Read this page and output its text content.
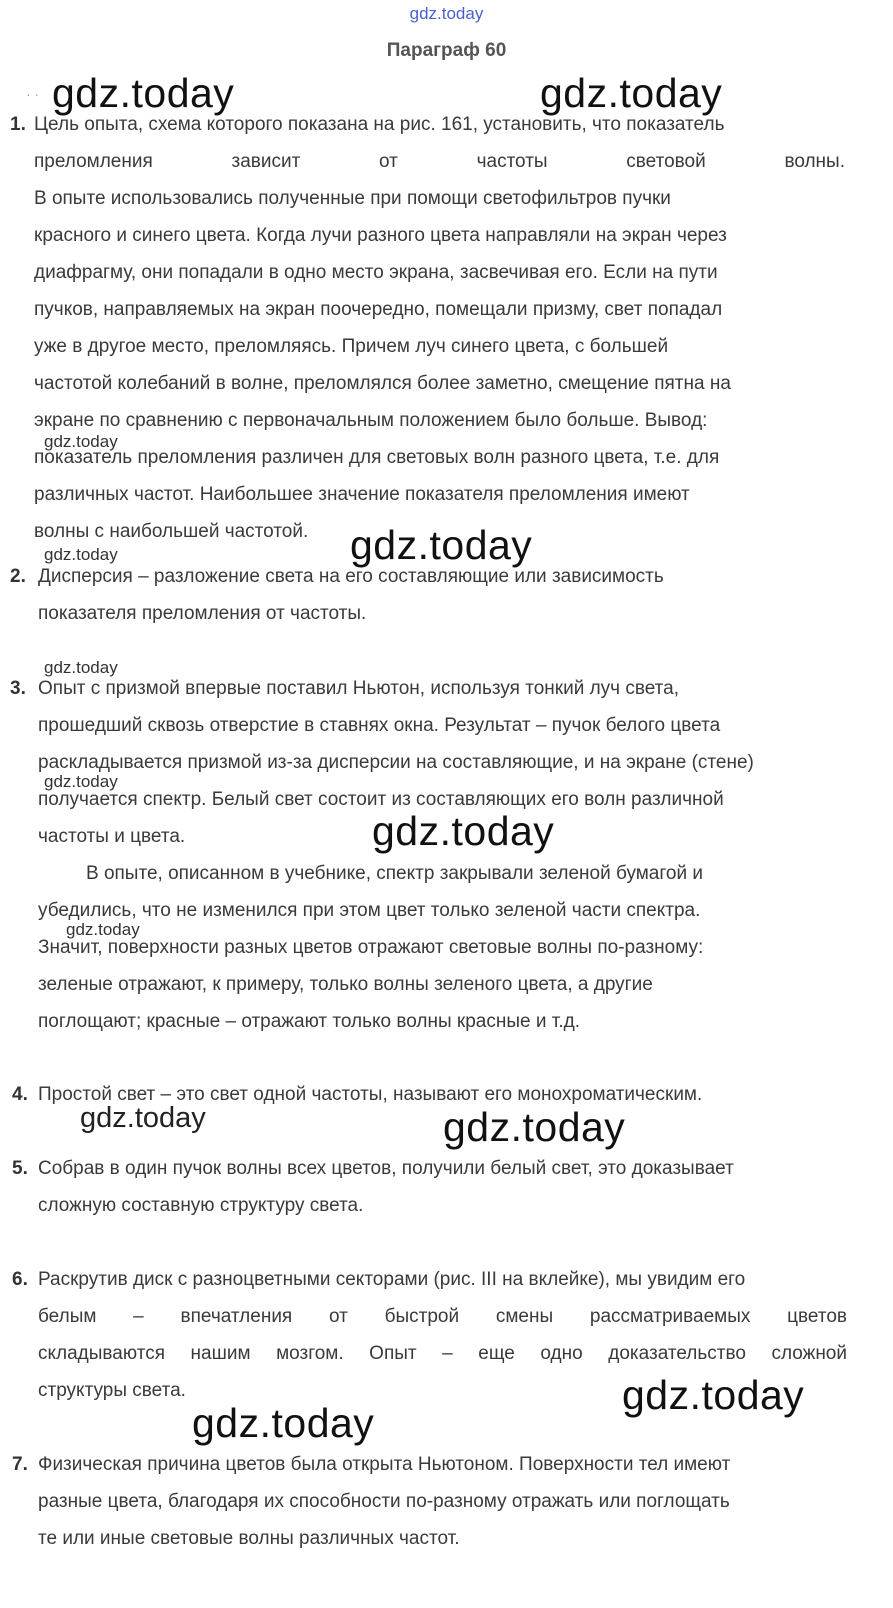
gdz.today
Параграф 60
· · gdz.today	gdz.today
gdz.today
gdz.today
gdz.today
gdz.today
gdz.today
gdz.today
gdz.today
gdz.today
gdz.today
gdz.today
gdz.today
1. Цель опыта, схема которого показана на рис. 161, установить, что показатель
преломления зависит от частоты световой волны.
В опыте использовались полученные при помощи светофильтров пучки
красного и синего цвета. Когда лучи разного цвета направляли на экран через
диафрагму, они попадали в одно место экрана, засвечивая его. Если на пути
пучков, направляемых на экран поочередно, помещали призму, свет попадал
уже в другое место, преломляясь. Причем луч синего цвета, с большей
частотой колебаний в волне, преломлялся более заметно, смещение пятна на
экране по сравнению с первоначальным положением было больше. Вывод:
показатель преломления различен для световых волн разного цвета, т.е. для
различных частот. Наибольшее значение показателя преломления имеют
волны с наибольшей частотой.
2. Дисперсия – разложение света на его составляющие или зависимость
показателя преломления от частоты.
3. Опыт с призмой впервые поставил Ньютон, используя тонкий луч света,
прошедший сквозь отверстие в ставнях окна. Результат – пучок белого цвета
раскладывается призмой из-за дисперсии на составляющие, и на экране (стене)
получается спектр. Белый свет состоит из составляющих его волн различной
частоты и цвета.
В опыте, описанном в учебнике, спектр закрывали зеленой бумагой и
убедились, что не изменился при этом цвет только зеленой части спектра.
Значит, поверхности разных цветов отражают световые волны по-разному:
зеленые отражают, к примеру, только волны зеленого цвета, а другие
поглощают; красные – отражают только волны красные и т.д.
4. Простой свет – это свет одной частоты, называют его монохроматическим.
5. Собрав в один пучок волны всех цветов, получили белый свет, это доказывает
сложную составную структуру света.
6. Раскрутив диск с разноцветными секторами (рис. III на вклейке), мы увидим его
белым – впечатления от быстрой смены рассматриваемых цветов
складываются нашим мозгом. Опыт – еще одно доказательство сложной
структуры света.
7. Физическая причина цветов была открыта Ньютоном. Поверхности тел имеют
разные цвета, благодаря их способности по-разному отражать или поглощать
те или иные световые волны различных частот.
